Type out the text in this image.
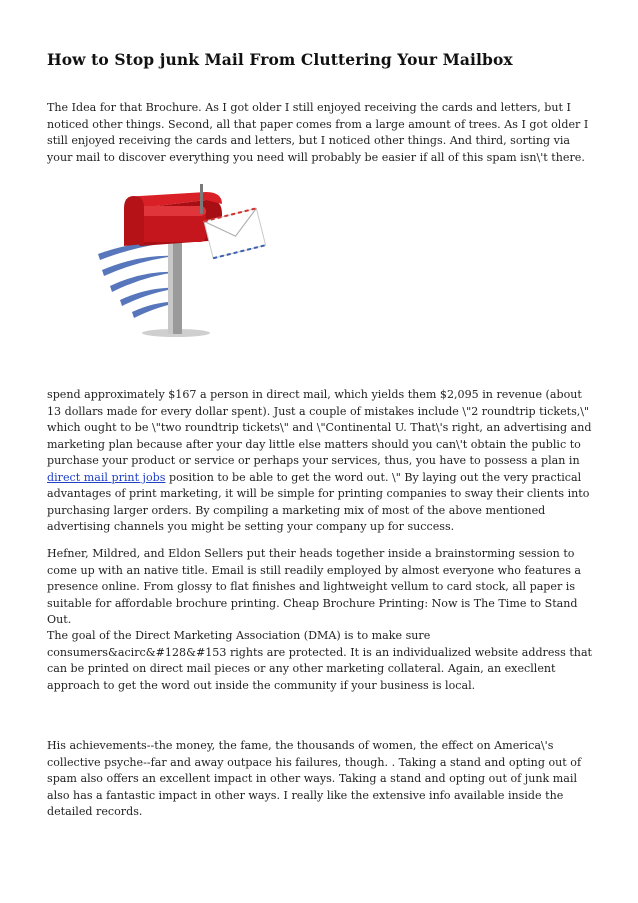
How to Stop junk Mail From Cluttering Your Mailbox

The Idea for that Brochure. As I got older I still enjoyed receiving the cards and letters, but I noticed other things. Second, all that paper comes from a large amount of trees. As I got older I still enjoyed receiving the cards and letters, but I noticed other things. And third, sorting via your mail to discover everything you need will probably be easier if all of this spam isn\'t there.

spend approximately $167 a person in direct mail, which yields them $2,095 in revenue (about 13 dollars made for every dollar spent). Just a couple of mistakes include \"2 roundtrip tickets,\" which ought to be \"two roundtrip tickets\" and \"Continental U. That\'s right, an advertising and marketing plan because after your day little else matters should you can\'t obtain the public to purchase your product or service or perhaps your services, thus, you have to possess a plan in direct mail print jobs position to be able to get the word out. \" By laying out the very practical advantages of print marketing, it will be simple for printing companies to sway their clients into purchasing larger orders. By compiling a marketing mix of most of the above mentioned advertising channels you might be setting your company up for success.

Hefner, Mildred, and Eldon Sellers put their heads together inside a brainstorming session to come up with an native title. Email is still readily employed by almost everyone who features a presence online. From glossy to flat finishes and lightweight vellum to card stock, all paper is suitable for affordable brochure printing. Cheap Brochure Printing: Now is The Time to Stand Out.

The goal of the Direct Marketing Association (DMA) is to make sure consumers&acirc&#128&#153 rights are protected. It is an individualized website address that can be printed on direct mail pieces or any other marketing collateral. Again, an execllent approach to get the word out inside the community if your business is local.

His achievements--the money, the fame, the thousands of women, the effect on America\'s collective psyche--far and away outpace his failures, though. . Taking a stand and opting out of spam also offers an excellent impact in other ways. Taking a stand and opting out of junk mail also has a fantastic impact in other ways. I really like the extensive info available inside the detailed records.
